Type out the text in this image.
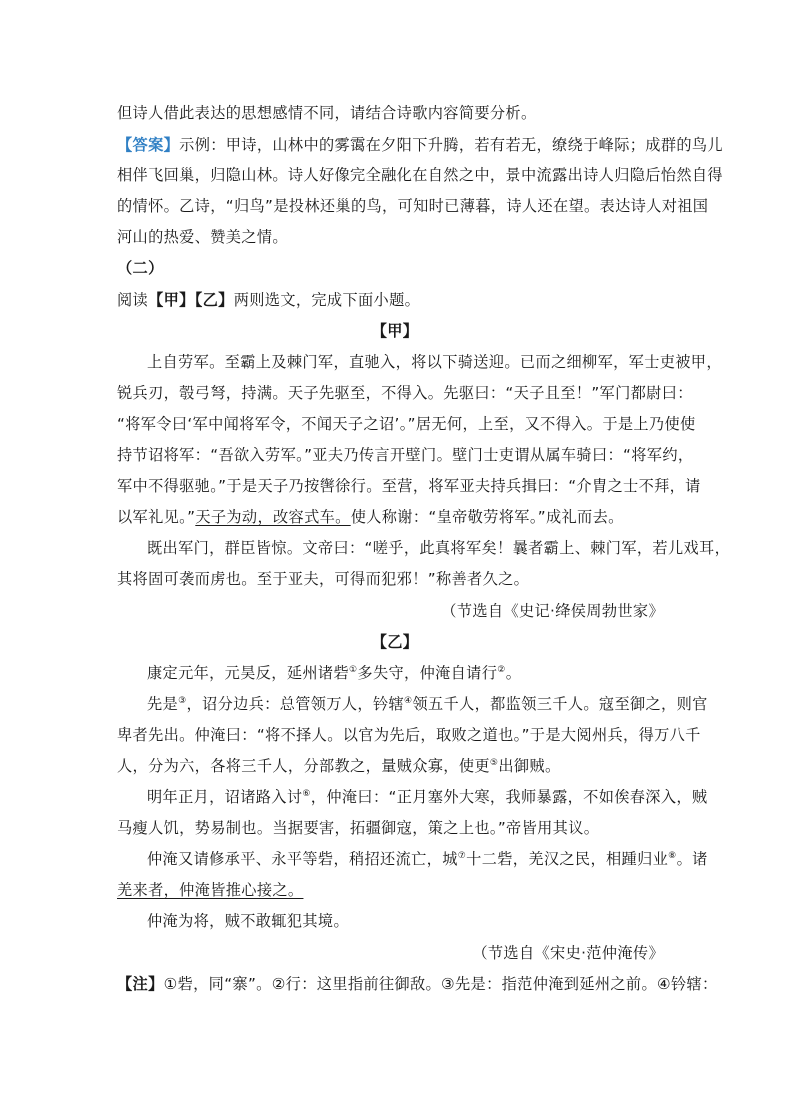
但诗人借此表达的思想感情不同，请结合诗歌内容简要分析。
【答案】示例：甲诗，山林中的雾霭在夕阳下升腾，若有若无，缭绕于峰际；成群的鸟儿
相伴飞回巢，归隐山林。诗人好像完全融化在自然之中，景中流露出诗人归隐后怡然自得
的情怀。乙诗，“归鸟”是投林还巢的鸟，可知时已薄暮，诗人还在望。表达诗人对祖国
河山的热爱、赞美之情。
（二）
阅读【甲】【乙】两则选文，完成下面小题。
【甲】
上自劳军。至霸上及棘门军，直驰入，将以下骑送迎。已而之细柳军，军士吏被甲，
锐兵刃，彀弓弩，持满。天子先驱至，不得入。先驱曰：“天子且至！”军门都尉曰：
“将军令曰‘军中闻将军令，不闻天子之诏’。”居无何，上至，又不得入。于是上乃使使
持节诏将军：“吾欲入劳军。”亚夫乃传言开壁门。壁门士吏谓从属车骑曰：“将军约，
军中不得驱驰。”于是天子乃按辔徐行。至营，将军亚夫持兵揖曰：“介胄之士不拜，请
以军礼见。”天子为动，改容式车。使人称谢：“皇帝敬劳将军。”成礼而去。
既出军门，群臣皆惊。文帝曰：“嗟乎，此真将军矣！曩者霸上、棘门军，若儿戏耳，
其将固可袭而虏也。至于亚夫，可得而犯邪！”称善者久之。
（节选自《史记·绛侯周勃世家》
【乙】
康定元年，元昊反，延州诸砦①多失守，仲淹自请行②。
先是③，诏分边兵：总管领万人，钤辖④领五千人，都监领三千人。寇至御之，则官
卑者先出。仲淹曰：“将不择人。以官为先后，取败之道也。”于是大阅州兵，得万八千
人，分为六，各将三千人，分部教之，量贼众寡，使更⑤出御贼。
明年正月，诏诸路入讨⑥，仲淹曰：“正月塞外大寒，我师暴露，不如俟春深入，贼
马瘦人饥，势易制也。当据要害，拓疆御寇，策之上也。”帝皆用其议。
仲淹又请修承平、永平等砦，稍招还流亡，城⑦十二砦，羌汉之民，相踵归业⑧。诸
羌来者，仲淹皆推心接之。
仲淹为将，贼不敢辄犯其境。
（节选自《宋史·范仲淹传》
【注】①砦，同“寨”。②行：这里指前往御敌。③先是：指范仲淹到延州之前。④钤辖：
